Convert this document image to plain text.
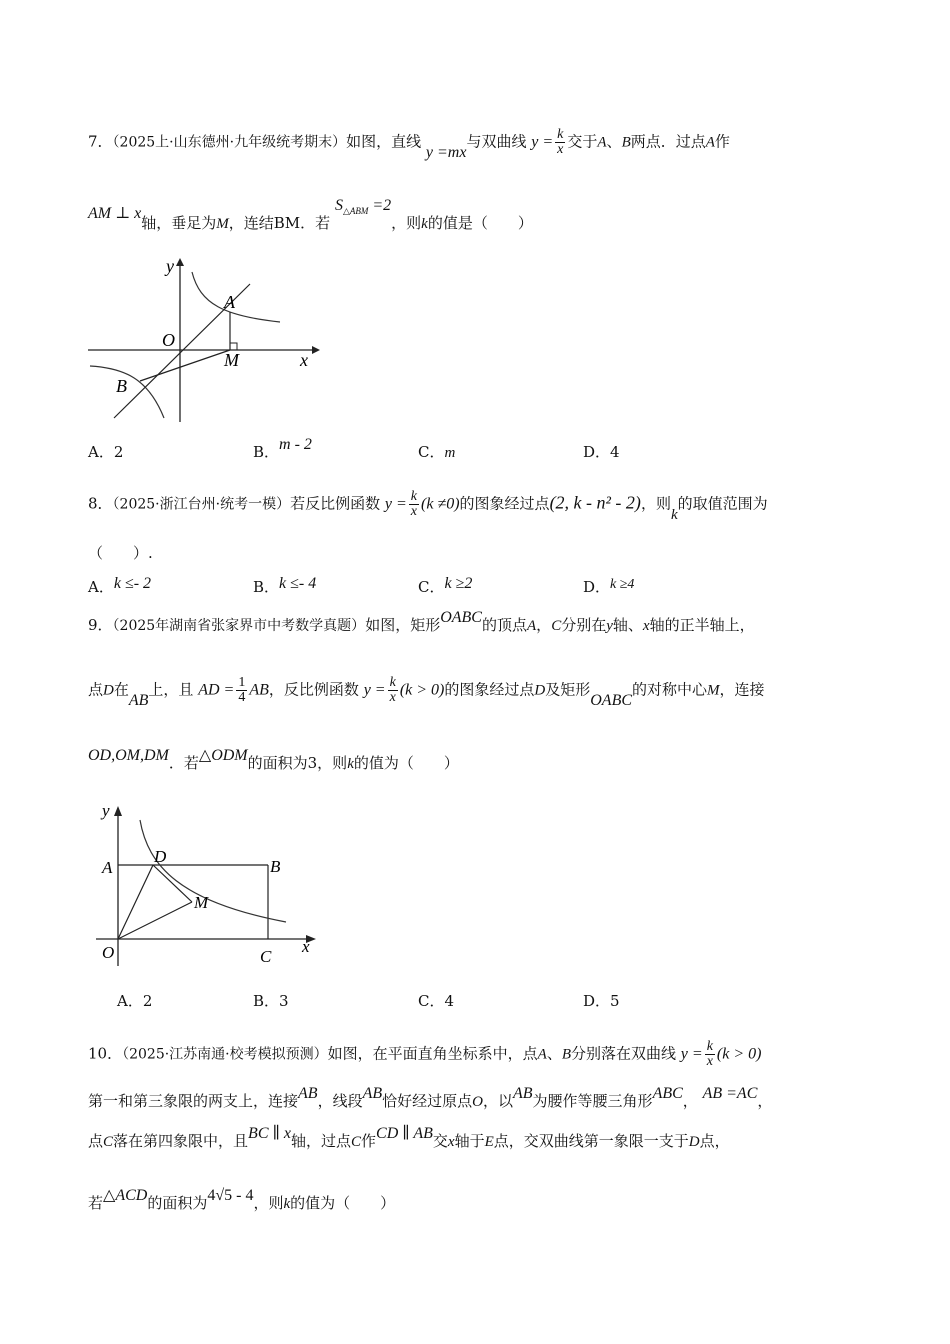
7．（2025上·山东德州·九年级统考期末）如图，直线 y =mx与双曲线 $y = \frac{k}{x}$ 交于A、B两点．过点A作
AM ⊥ x轴，垂足为M，连结BM．若 $S_{\triangle ABM} =2$，则k的值是（　　）
y
x
O
A
M
B
A．2	B．m - 2	C．m	D．4
8．（2025·浙江台州·统考一模）若反比例函数 $y = \frac{k}{x} (k \ne 0)$的图象经过点(2, k - n² - 2)，则k的取值范围为
（　　）.
A．k ≤- 2	B．k ≤- 4	C．k ≥2	D．k ≥4
9．（2025年湖南省张家界市中考数学真题）如图，矩形OABC的顶点A，C分别在y轴、x轴的正半轴上，
点D在AB上，且 AD = $\frac{1}{4}$ AB，反比例函数 $y = \frac{k}{x} (k > 0)$的图象经过点D及矩形OABC的对称中心M，连接
OD,OM,DM．若△ODM的面积为3，则k的值为（　　）
y
x
O
A	B
C
D
M
A．2	B．3	C．4	D．5
10．（2025·江苏南通·校考模拟预测）如图，在平面直角坐标系中，点A、B分别落在双曲线 $y = \frac{k}{x} (k > 0)$
第一和第三象限的两支上，连接AB，线段AB恰好经过原点O，以AB为腰作等腰三角形ABC， AB =AC，
点C落在第四象限中，且BC ∥ x轴，过点C作CD ∥ AB交x轴于E点，交双曲线第一象限一支于D点，
若△ACD的面积为4√5 - 4，则k的值为（　　）
